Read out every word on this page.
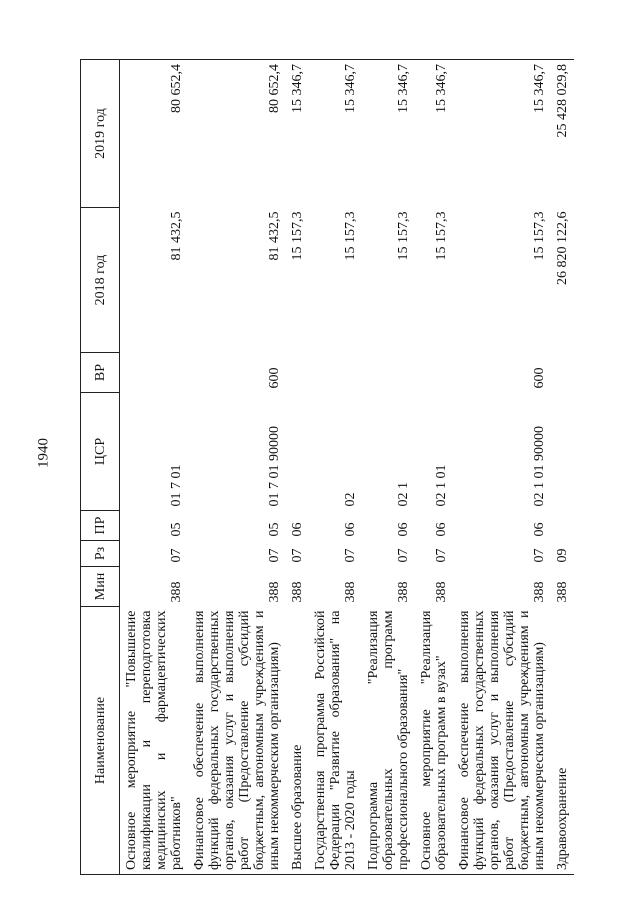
1940
Наименование	Мин	Рз	ПР	ЦСР	ВР	2018 год	2019 год
Основное мероприятие "Повышение квалификации и переподготовка медицинских и фармацевтических работников"	388	07	05	01 7 01		81 432,5	80 652,4
Финансовое обеспечение выполнения функций федеральных государственных органов, оказания услуг и выполнения работ (Предоставление субсидий бюджетным, автономным учреждениям и иным некоммерческим организациям)	388	07	05	01 7 01 90000	600	81 432,5	80 652,4
Высшее образование	388	07	06			15 157,3	15 346,7
Государственная программа Российской Федерации "Развитие образования" на 2013 - 2020 годы	388	07	06	02		15 157,3	15 346,7
Подпрограмма "Реализация образовательных программ профессионального образования"	388	07	06	02 1		15 157,3	15 346,7
Основное мероприятие "Реализация образовательных программ в вузах"	388	07	06	02 1 01		15 157,3	15 346,7
Финансовое обеспечение выполнения функций федеральных государственных органов, оказания услуг и выполнения работ (Предоставление субсидий бюджетным, автономным учреждениям и иным некоммерческим организациям)	388	07	06	02 1 01 90000	600	15 157,3	15 346,7
Здравоохранение	388	09				26 820 122,6	25 428 029,8
